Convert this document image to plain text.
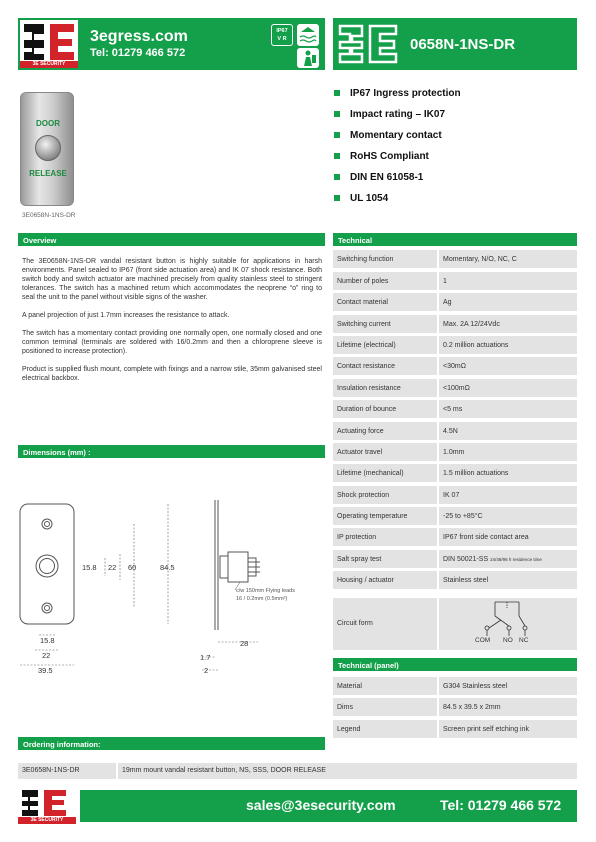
3E SECURITY
3egress.com
Tel: 01279 466 572
IP67
V R	0658N-1NS-DR
DOOR
RELEASE
3E0658N-1NS-DR
IP67 Ingress protection
Impact rating – IK07
Momentary contact
RoHS Compliant
DIN EN 61058-1
UL 1054
Overview

The 3E0658N-1NS-DR vandal resistant button is highly suitable for applications in harsh environments. Panel sealed to IP67 (front side actuation area) and IK 07 shock resistance. Both switch body and switch actuator are machined precisely from quality stainless steel to stringent tolerances. The switch has a machined return which accommodates the neoprene “o” ring to seal the unit to the panel without visible signs of the washer.

A panel projection of just 1.7mm increases the resistance to attack.

The switch has a momentary contact providing one normally open, one normally closed and one common terminal (terminals are soldered with 16/0.2mm and then a chloroprene sleeve is positioned to increase protection).

Product is supplied flush mount, complete with fixings and a narrow stile, 35mm galvanised steel electrical backbox.

Dimensions (mm) :
15.8 22 60	84.5
15.8
22
39.5
28
1.7
2
c/w 150mm Flying leads
16 / 0.2mm (0.5mm²)
Technical
Switching function	Momentary, N/O, NC, C
Number of poles	1
Contact material	Ag
Switching current	Max. 2A 12/24Vdc
Lifetime (electrical)	0.2 million actuations
Contact resistance	<30mΩ
Insulation resistance	<100mΩ
Duration of bounce	<5 ms
Actuating force	4.5N
Actuator travel	1.0mm
Lifetime (mechanical)	1.5 million actuations
Shock protection	IK 07
Operating temperature	-25 to +85°C
IP protection	IP67 front side contact area
Salt spray test	DIN 50021-SS 24/48/96 h residence time
Housing / actuator	Stainless steel
Circuit form
COM NO NC
Technical (panel)
Material	G304 Stainless steel
Dims	84.5 x 39.5 x 2mm
Legend	Screen print self etching ink
Ordering information:
3E0658N-1NS-DR	19mm mount vandal resistant button, NS, SSS, DOOR RELEASE
3E SECURITY
sales@3esecurity.com	Tel: 01279 466 572
